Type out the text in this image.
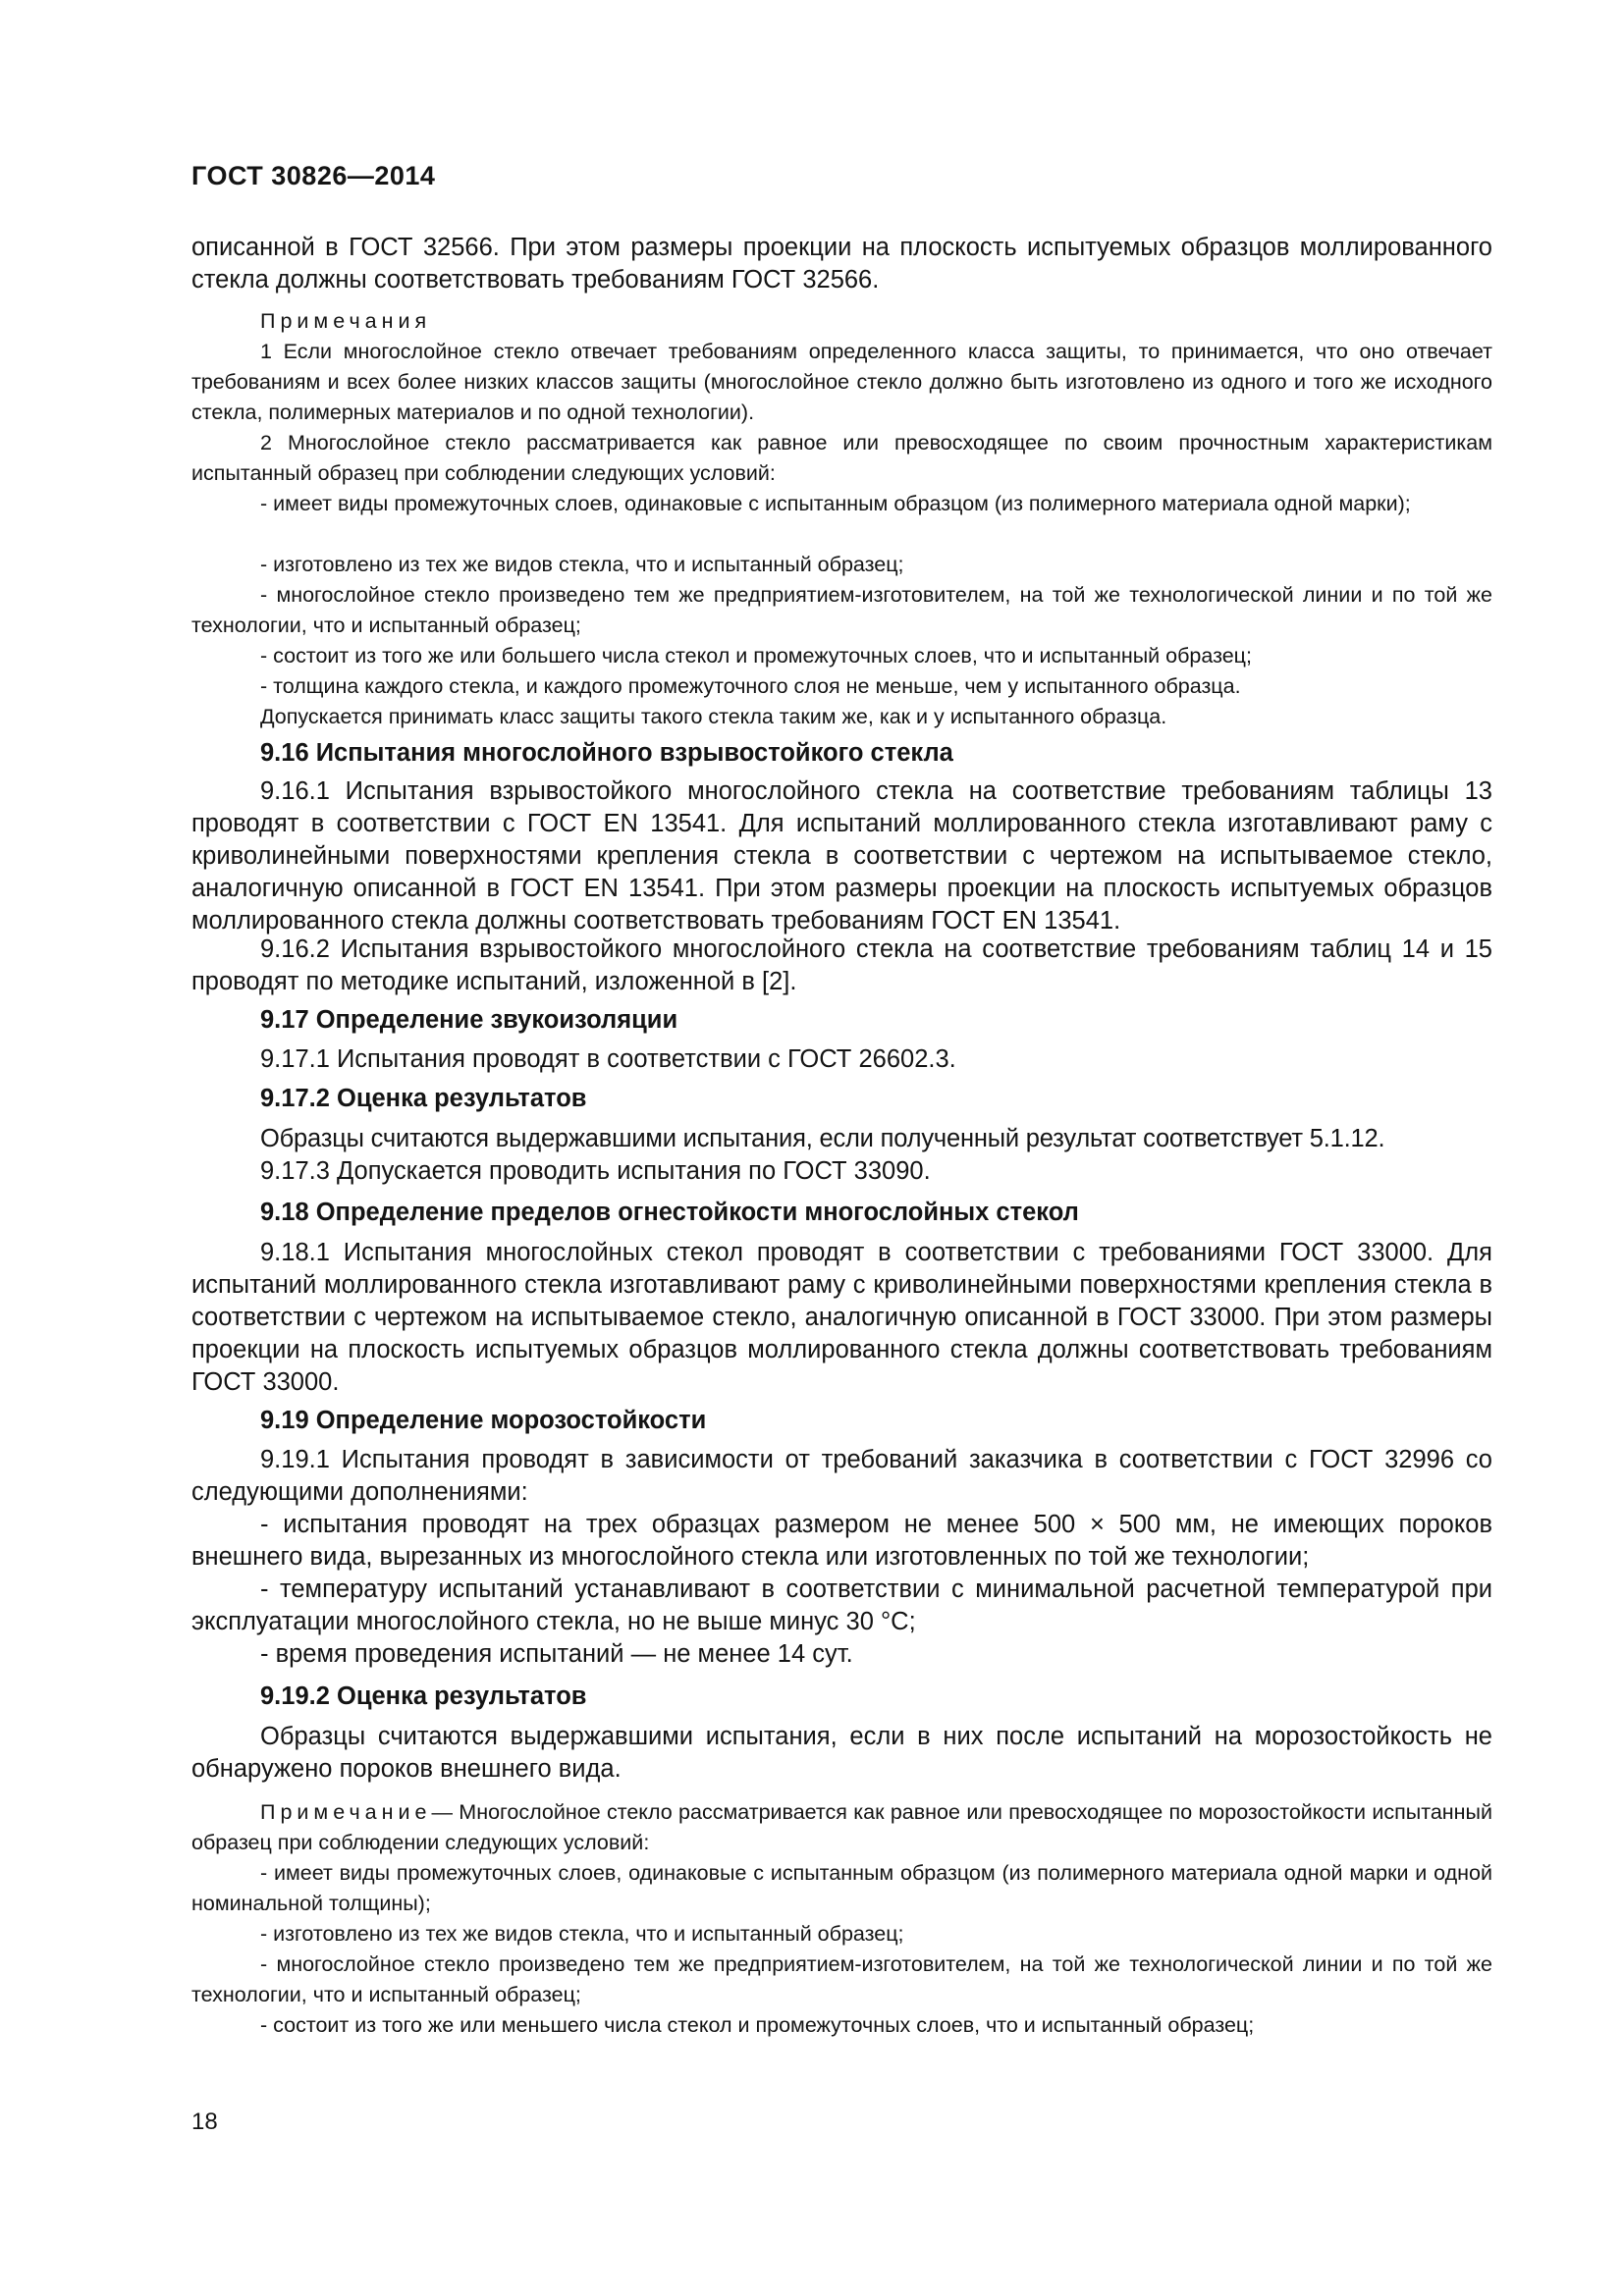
ГОСТ 30826—2014

описанной в ГОСТ 32566. При этом размеры проекции на плоскость испытуемых образцов моллированного стекла должны соответствовать требованиям ГОСТ 32566.

Примечания

1 Если многослойное стекло отвечает требованиям определенного класса защиты, то принимается, что оно отвечает требованиям и всех более низких классов защиты (многослойное стекло должно быть изготовлено из одного и того же исходного стекла, полимерных материалов и по одной технологии).

2 Многослойное стекло рассматривается как равное или превосходящее по своим прочностным характеристикам испытанный образец при соблюдении следующих условий:

- имеет виды промежуточных слоев, одинаковые с испытанным образцом (из полимерного материала одной марки);

- изготовлено из тех же видов стекла, что и испытанный образец;

- многослойное стекло произведено тем же предприятием-изготовителем, на той же технологической линии и по той же технологии, что и испытанный образец;

- состоит из того же или большего числа стекол и промежуточных слоев, что и испытанный образец;

- толщина каждого стекла, и каждого промежуточного слоя не меньше, чем у испытанного образца.

Допускается принимать класс защиты такого стекла таким же, как и у испытанного образца.

9.16 Испытания многослойного взрывостойкого стекла

9.16.1 Испытания взрывостойкого многослойного стекла на соответствие требованиям таблицы 13 проводят в соответствии с ГОСТ EN 13541. Для испытаний моллированного стекла изготавливают раму с криволинейными поверхностями крепления стекла в соответствии с чертежом на испытываемое стекло, аналогичную описанной в ГОСТ EN 13541. При этом размеры проекции на плоскость испытуемых образцов моллированного стекла должны соответствовать требованиям ГОСТ EN 13541.

9.16.2 Испытания взрывостойкого многослойного стекла на соответствие требованиям таблиц 14 и 15 проводят по методике испытаний, изложенной в [2].

9.17 Определение звукоизоляции

9.17.1 Испытания проводят в соответствии с ГОСТ 26602.3.

9.17.2 Оценка результатов

Образцы считаются выдержавшими испытания, если полученный результат соответствует 5.1.12.

9.17.3 Допускается проводить испытания по ГОСТ 33090.

9.18 Определение пределов огнестойкости многослойных стекол

9.18.1 Испытания многослойных стекол проводят в соответствии с требованиями ГОСТ 33000. Для испытаний моллированного стекла изготавливают раму с криволинейными поверхностями крепления стекла в соответствии с чертежом на испытываемое стекло, аналогичную описанной в ГОСТ 33000. При этом размеры проекции на плоскость испытуемых образцов моллированного стекла должны соответствовать требованиям ГОСТ 33000.

9.19 Определение морозостойкости

9.19.1 Испытания проводят в зависимости от требований заказчика в соответствии с ГОСТ 32996 со следующими дополнениями:

- испытания проводят на трех образцах размером не менее 500 × 500 мм, не имеющих пороков внешнего вида, вырезанных из многослойного стекла или изготовленных по той же технологии;

- температуру испытаний устанавливают в соответствии с минимальной расчетной температурой при эксплуатации многослойного стекла, но не выше минус 30 °С;

- время проведения испытаний — не менее 14 сут.

9.19.2 Оценка результатов

Образцы считаются выдержавшими испытания, если в них после испытаний на морозостойкость не обнаружено пороков внешнего вида.

Примечание— Многослойное стекло рассматривается как равное или превосходящее по морозостойкости испытанный образец при соблюдении следующих условий:

- имеет виды промежуточных слоев, одинаковые с испытанным образцом (из полимерного материала одной марки и одной номинальной толщины);

- изготовлено из тех же видов стекла, что и испытанный образец;

- многослойное стекло произведено тем же предприятием-изготовителем, на той же технологической линии и по той же технологии, что и испытанный образец;

- состоит из того же или меньшего числа стекол и промежуточных слоев, что и испытанный образец;

18
